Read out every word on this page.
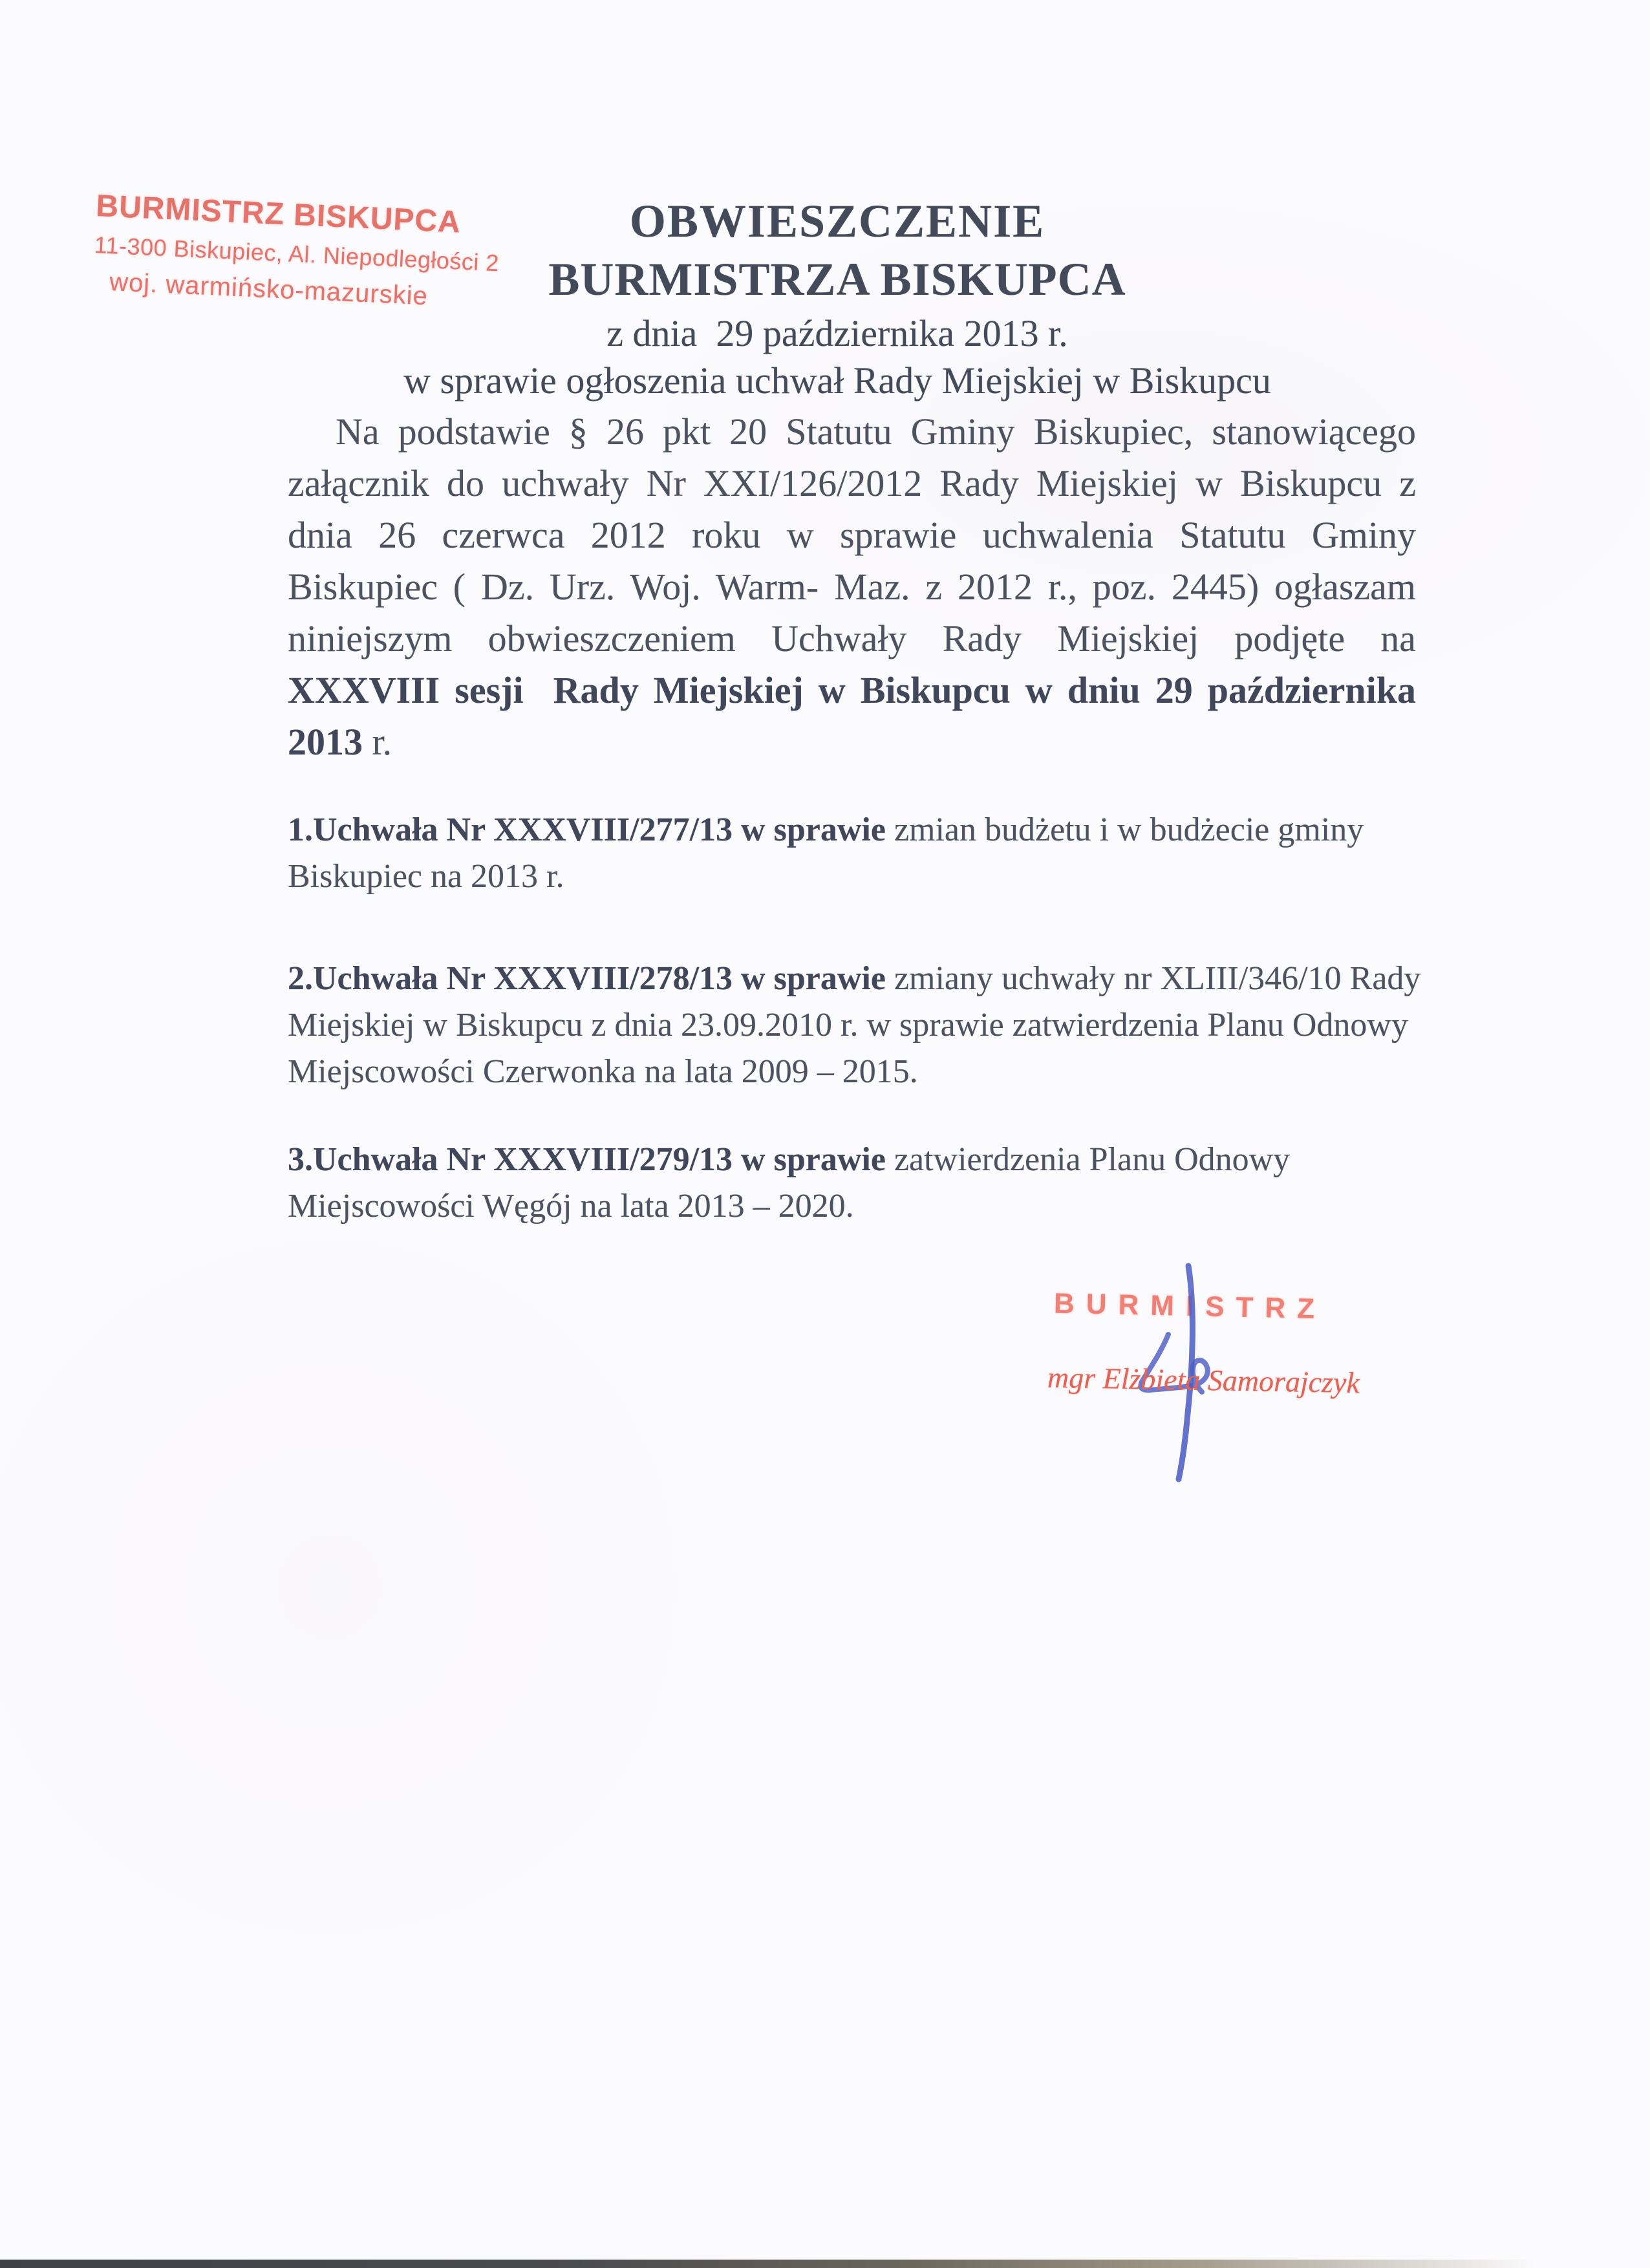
BURMISTRZ BISKUPCA
11-300 Biskupiec, Al. Niepodległości 2
woj. warmińsko-mazurskie
OBWIESZCZENIE
BURMISTRZA BISKUPCA
z dnia  29 października 2013 r.
w sprawie ogłoszenia uchwał Rady Miejskiej w Biskupcu

Na podstawie § 26 pkt 20 Statutu Gminy Biskupiec, stanowiącego załącznik do uchwały Nr XXI/126/2012 Rady Miejskiej w Biskupcu z dnia 26 czerwca 2012 roku w sprawie uchwalenia Statutu Gminy Biskupiec ( Dz. Urz. Woj. Warm- Maz. z 2012 r., poz. 2445) ogłaszam niniejszym obwieszczeniem Uchwały Rady Miejskiej podjęte na XXXVIII sesji  Rady Miejskiej w Biskupcu w dniu 29 października 2013 r.

1.Uchwała Nr XXXVIII/277/13 w sprawie zmian budżetu i w budżecie gminy Biskupiec na 2013 r.

2.Uchwała Nr XXXVIII/278/13 w sprawie zmiany uchwały nr XLIII/346/10 Rady Miejskiej w Biskupcu z dnia 23.09.2010 r. w sprawie zatwierdzenia Planu Odnowy Miejscowości Czerwonka na lata 2009 – 2015.

3.Uchwała Nr XXXVIII/279/13 w sprawie zatwierdzenia Planu Odnowy Miejscowości Węgój na lata 2013 – 2020.

BURMISTRZ
mgr Elżbieta Samorajczyk
